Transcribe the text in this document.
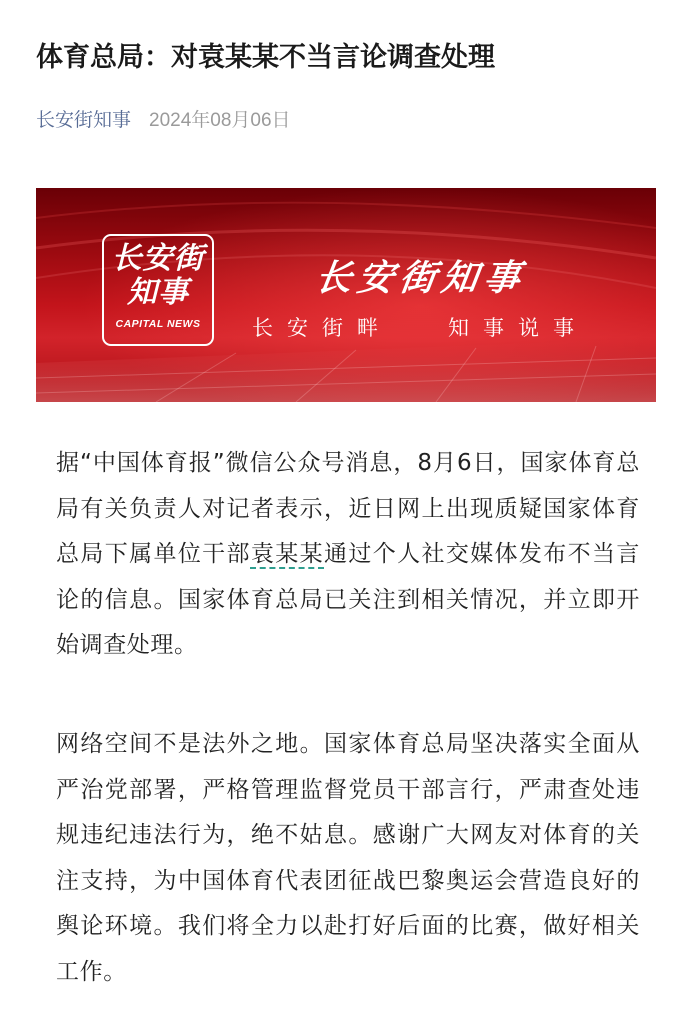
体育总局：对袁某某不当言论调查处理
长安街知事 2024年08月06日
长安街
知事
CAPITAL NEWS
长安街知事
长安街畔	知事说事

据“中国体育报”微信公众号消息，8月6日，国家体育总局有关负责人对记者表示，近日网上出现质疑国家体育总局下属单位干部袁某某通过个人社交媒体发布不当言论的信息。国家体育总局已关注到相关情况，并立即开始调查处理。

网络空间不是法外之地。国家体育总局坚决落实全面从严治党部署，严格管理监督党员干部言行，严肃查处违规违纪违法行为，绝不姑息。感谢广大网友对体育的关注支持，为中国体育代表团征战巴黎奥运会营造良好的舆论环境。我们将全力以赴打好后面的比赛，做好相关工作。
